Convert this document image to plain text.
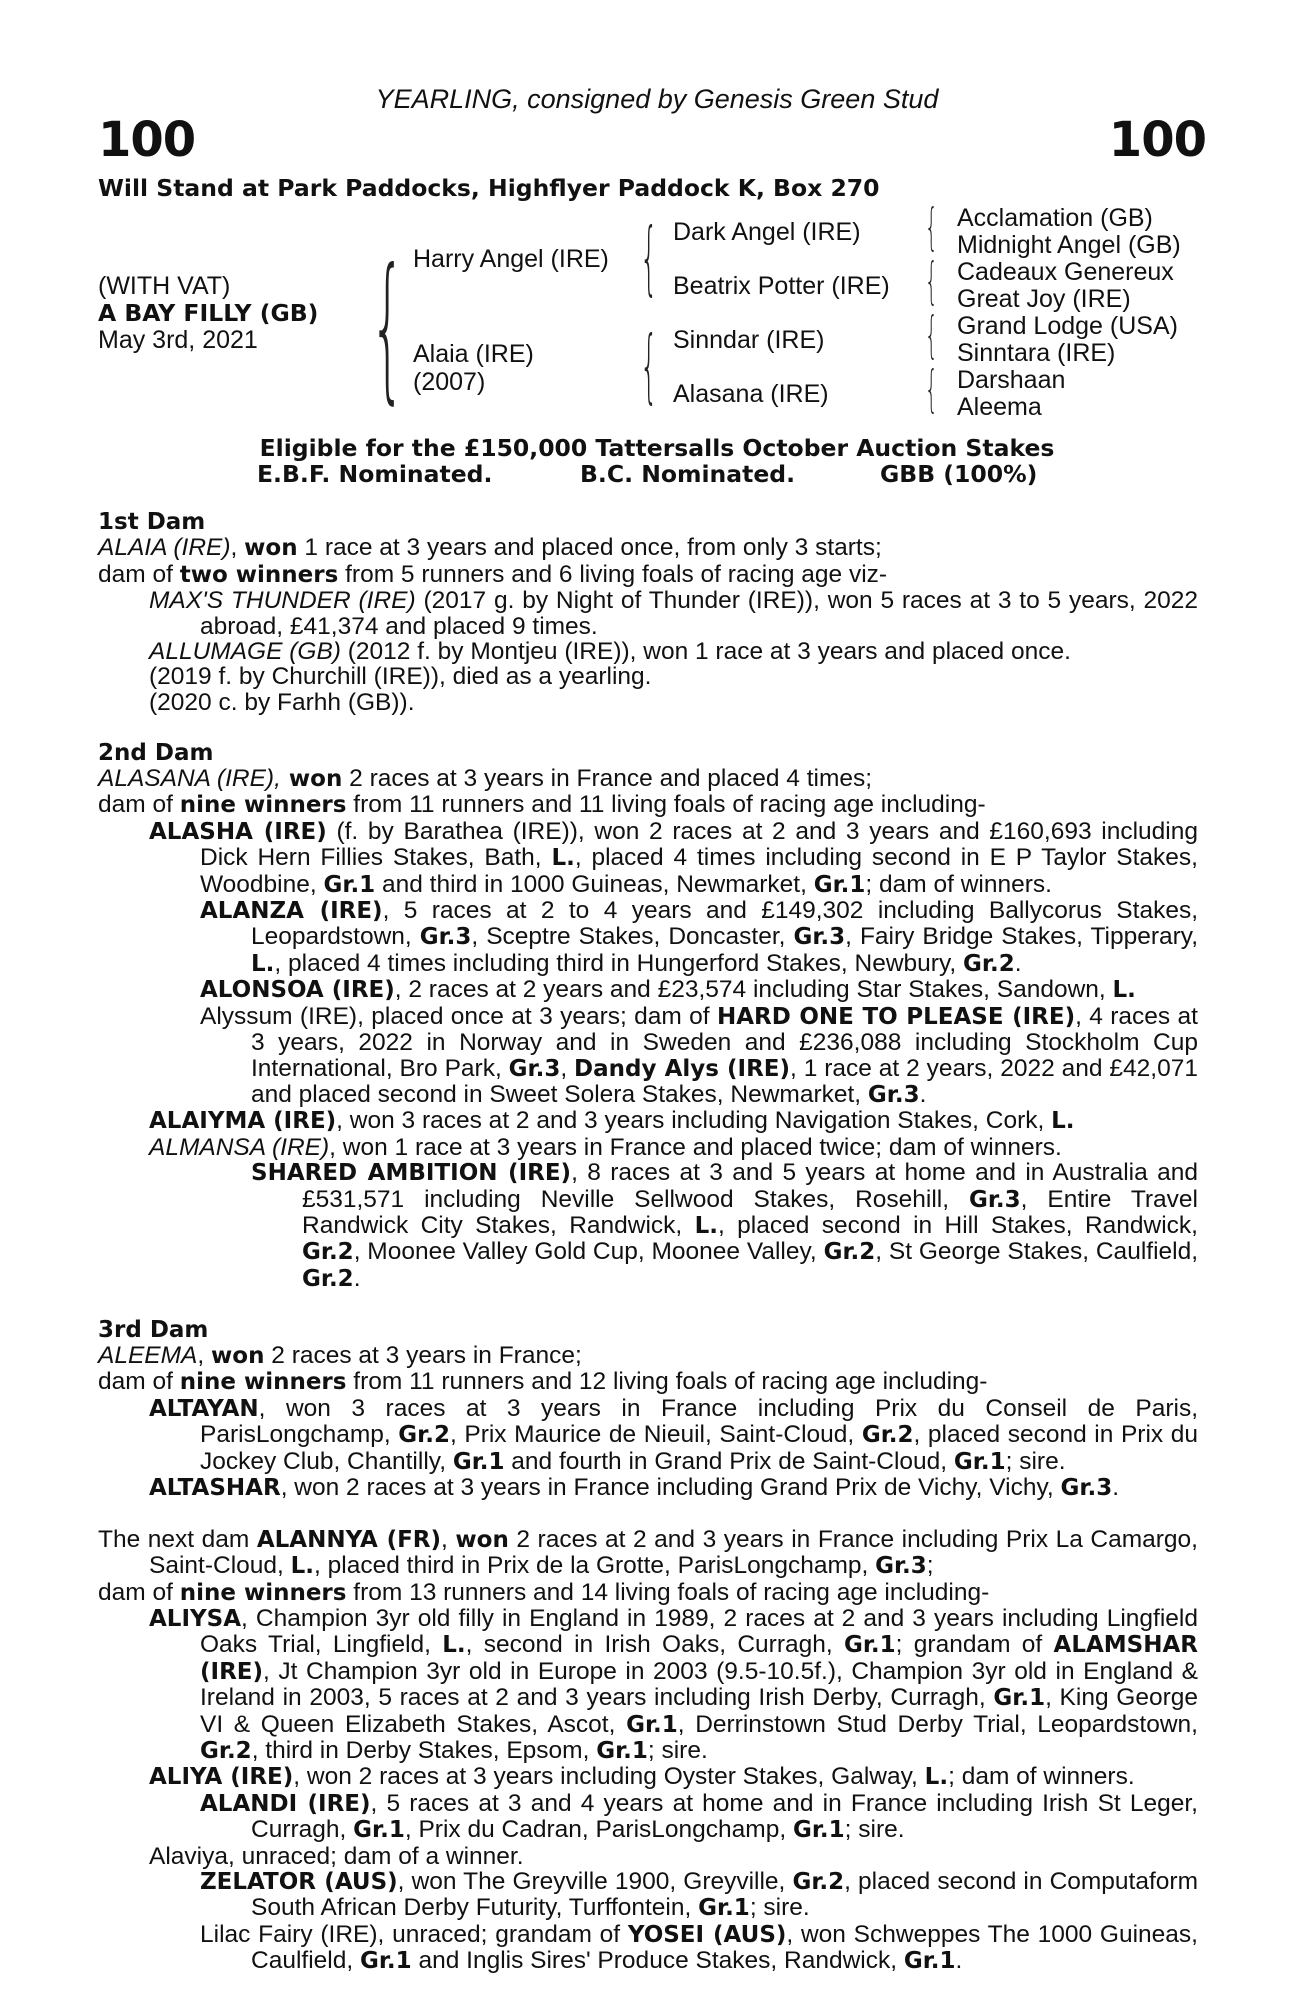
YEARLING, consigned by Genesis Green Stud
100	100
Will Stand at Park Paddocks, Highflyer Paddock K, Box 270
(WITH VAT)
A BAY FILLY (GB)
May 3rd, 2021 {	{
{
{
{
{
{
Harry Angel (IRE)
Alaia (IRE)
(2007)
Dark Angel (IRE)
Beatrix Potter (IRE)
Sinndar (IRE)
Alasana (IRE)
Acclamation (GB)
Midnight Angel (GB)
Cadeaux Genereux
Great Joy (IRE)
Grand Lodge (USA)
Sinntara (IRE)
Darshaan
Aleema
Eligible for the £150,000 Tattersalls October Auction Stakes
E.B.F. Nominated.	B.C. Nominated.	GBB (100%)

1st Dam

ALAIA (IRE), won 1 race at 3 years and placed once, from only 3 starts;

dam of two winners from 5 runners and 6 living foals of racing age viz-

MAX'S THUNDER (IRE) (2017 g. by Night of Thunder (IRE)), won 5 races at 3 to 5 years, 2022 abroad, £41,374 and placed 9 times.

ALLUMAGE (GB) (2012 f. by Montjeu (IRE)), won 1 race at 3 years and placed once.

(2019 f. by Churchill (IRE)), died as a yearling.

(2020 c. by Farhh (GB)).

2nd Dam

ALASANA (IRE), won 2 races at 3 years in France and placed 4 times;

dam of nine winners from 11 runners and 11 living foals of racing age including-

ALASHA (IRE) (f. by Barathea (IRE)), won 2 races at 2 and 3 years and £160,693 including Dick Hern Fillies Stakes, Bath, L., placed 4 times including second in E P Taylor Stakes, Woodbine, Gr.1 and third in 1000 Guineas, Newmarket, Gr.1; dam of winners.

ALANZA (IRE), 5 races at 2 to 4 years and £149,302 including Ballycorus Stakes, Leopardstown, Gr.3, Sceptre Stakes, Doncaster, Gr.3, Fairy Bridge Stakes, Tipperary, L., placed 4 times including third in Hungerford Stakes, Newbury, Gr.2.

ALONSOA (IRE), 2 races at 2 years and £23,574 including Star Stakes, Sandown, L.

Alyssum (IRE), placed once at 3 years; dam of HARD ONE TO PLEASE (IRE), 4 races at 3 years, 2022 in Norway and in Sweden and £236,088 including Stockholm Cup International, Bro Park, Gr.3, Dandy Alys (IRE), 1 race at 2 years, 2022 and £42,071 and placed second in Sweet Solera Stakes, Newmarket, Gr.3.

ALAIYMA (IRE), won 3 races at 2 and 3 years including Navigation Stakes, Cork, L.

ALMANSA (IRE), won 1 race at 3 years in France and placed twice; dam of winners.

SHARED AMBITION (IRE), 8 races at 3 and 5 years at home and in Australia and £531,571 including Neville Sellwood Stakes, Rosehill, Gr.3, Entire Travel Randwick City Stakes, Randwick, L., placed second in Hill Stakes, Randwick, Gr.2, Moonee Valley Gold Cup, Moonee Valley, Gr.2, St George Stakes, Caulfield, Gr.2.

3rd Dam

ALEEMA, won 2 races at 3 years in France;

dam of nine winners from 11 runners and 12 living foals of racing age including-

ALTAYAN, won 3 races at 3 years in France including Prix du Conseil de Paris, ParisLongchamp, Gr.2, Prix Maurice de Nieuil, Saint-Cloud, Gr.2, placed second in Prix du Jockey Club, Chantilly, Gr.1 and fourth in Grand Prix de Saint-Cloud, Gr.1; sire.

ALTASHAR, won 2 races at 3 years in France including Grand Prix de Vichy, Vichy, Gr.3.

The next dam ALANNYA (FR), won 2 races at 2 and 3 years in France including Prix La Camargo, Saint-Cloud, L., placed third in Prix de la Grotte, ParisLongchamp, Gr.3;

dam of nine winners from 13 runners and 14 living foals of racing age including-

ALIYSA, Champion 3yr old filly in England in 1989, 2 races at 2 and 3 years including Lingfield Oaks Trial, Lingfield, L., second in Irish Oaks, Curragh, Gr.1; grandam of ALAMSHAR (IRE), Jt Champion 3yr old in Europe in 2003 (9.5-10.5f.), Champion 3yr old in England & Ireland in 2003, 5 races at 2 and 3 years including Irish Derby, Curragh, Gr.1, King George VI & Queen Elizabeth Stakes, Ascot, Gr.1, Derrinstown Stud Derby Trial, Leopardstown, Gr.2, third in Derby Stakes, Epsom, Gr.1; sire.

ALIYA (IRE), won 2 races at 3 years including Oyster Stakes, Galway, L.; dam of winners.

ALANDI (IRE), 5 races at 3 and 4 years at home and in France including Irish St Leger, Curragh, Gr.1, Prix du Cadran, ParisLongchamp, Gr.1; sire.

Alaviya, unraced; dam of a winner.

ZELATOR (AUS), won The Greyville 1900, Greyville, Gr.2, placed second in Computaform South African Derby Futurity, Turffontein, Gr.1; sire.

Lilac Fairy (IRE), unraced; grandam of YOSEI (AUS), won Schweppes The 1000 Guineas, Caulfield, Gr.1 and Inglis Sires' Produce Stakes, Randwick, Gr.1.
